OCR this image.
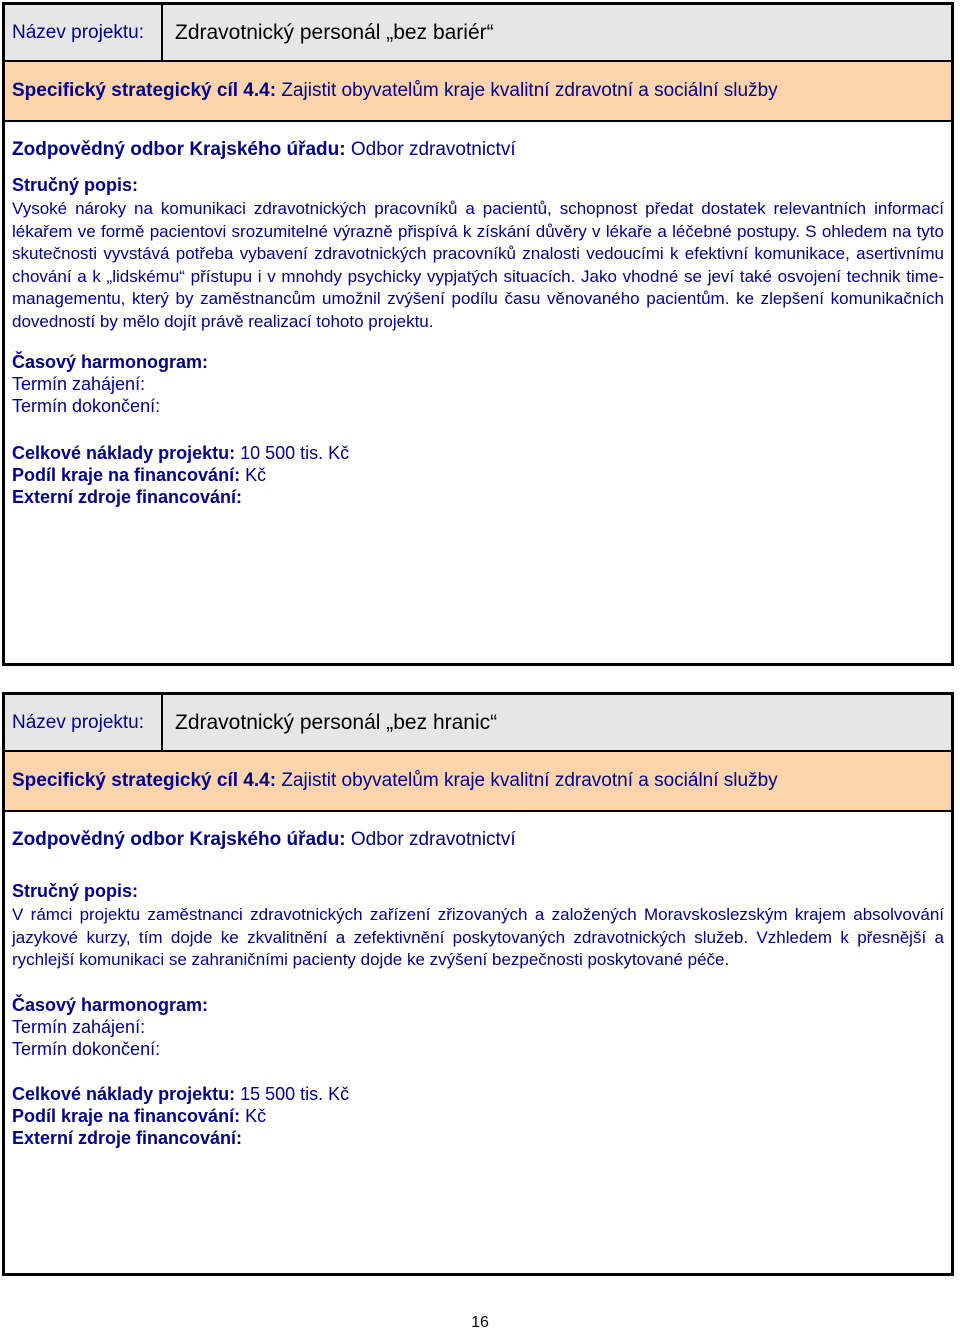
Název projektu:	Zdravotnický personál „bez bariér“
Specifický strategický cíl 4.4:
Zajistit obyvatelům kraje kvalitní zdravotní a sociální služby
Zodpovědný odbor Krajského úřadu: Odbor zdravotnictví
Stručný popis:

Vysoké nároky na komunikaci zdravotnických pracovníků a pacientů, schopnost předat dostatek relevantních informací lékařem ve formě pacientovi srozumitelné výrazně přispívá k získání důvěry v lékaře a léčebné postupy. S ohledem na tyto skutečnosti vyvstává potřeba vybavení zdravotnických pracovníků znalosti vedoucími k efektivní komunikace, asertivnímu chování a k „lidskému“ přístupu i v mnohdy psychicky vypjatých situacích. Jako vhodné se jeví také osvojení technik time-managementu, který by zaměstnancům umožnil zvýšení podílu času věnovaného pacientům. ke zlepšení komunikačních dovedností by mělo dojít právě realizací tohoto projektu.

Časový harmonogram:
Termín zahájení:
Termín dokončení:
Celkové náklady projektu: 10 500 tis. Kč
Podíl kraje na financování: Kč
Externí zdroje financování:
Název projektu:	Zdravotnický personál „bez hranic“
Specifický strategický cíl 4.4:
Zajistit obyvatelům kraje kvalitní zdravotní a sociální služby
Zodpovědný odbor Krajského úřadu: Odbor zdravotnictví
Stručný popis:

V rámci projektu zaměstnanci zdravotnických zařízení zřizovaných a založených Moravskoslezským krajem absolvování jazykové kurzy, tím dojde ke zkvalitnění a zefektivnění poskytovaných zdravotnických služeb. Vzhledem k přesnější a rychlejší komunikaci se zahraničními pacienty dojde ke zvýšení bezpečnosti poskytované péče.

Časový harmonogram:
Termín zahájení:
Termín dokončení:
Celkové náklady projektu: 15 500 tis. Kč
Podíl kraje na financování: Kč
Externí zdroje financování:
16
